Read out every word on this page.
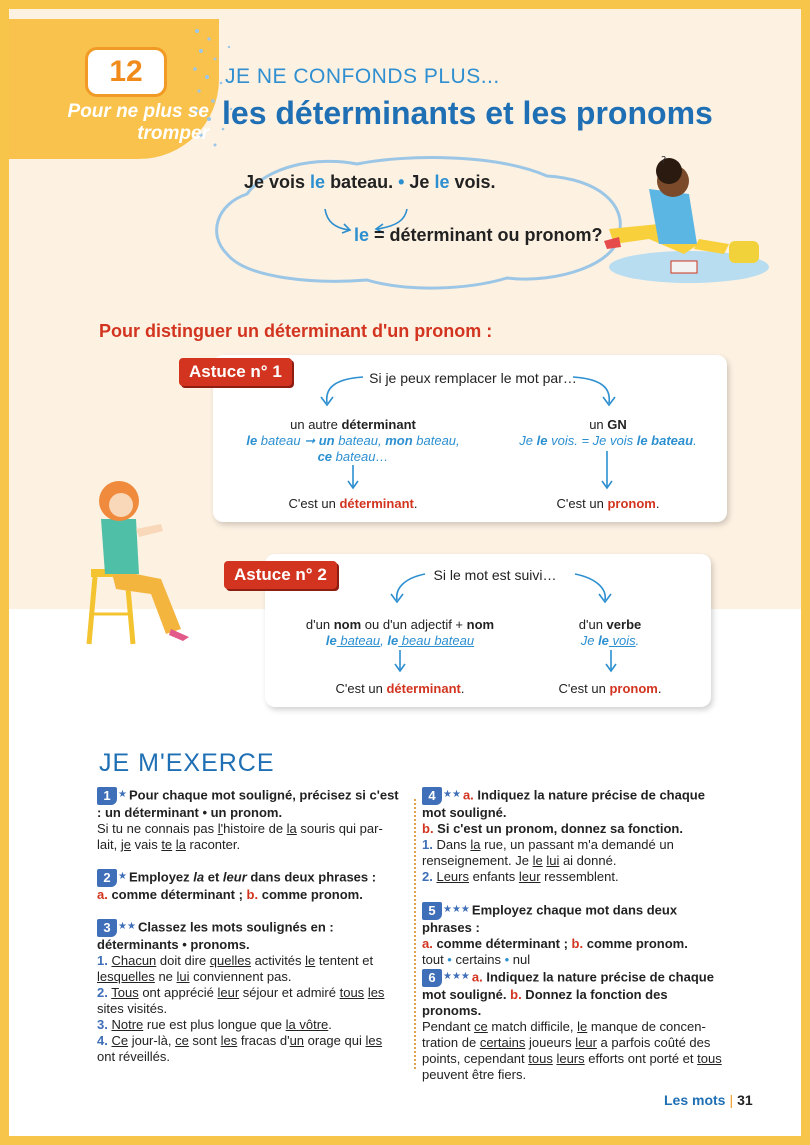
12
Pour ne plus se tromper
JE NE CONFONDS PLUS...
les déterminants et les pronoms
Je vois le bateau. • Je le vois.
le = déterminant ou pronom?
?
Pour distinguer un déterminant d'un pronom :
Si je peux remplacer le mot par…
un autre déterminant
le bateau ➞ un bateau, mon bateau,
ce bateau…
C'est un déterminant.
un GN
Je le vois. = Je vois le bateau.
C'est un pronom.
Astuce n° 1
Si le mot est suivi…
d'un nom ou d'un adjectif + nom
le bateau, le beau bateau
C'est un déterminant.
d'un verbe
Je le vois.
C'est un pronom.
Astuce n° 2
JE M'EXERCE
1 ★ Pour chaque mot souligné, précisez si c'est : un déterminant • un pronom.
Si tu ne connais pas l'histoire de la souris qui par-lait, je vais te la raconter.
2 ★ Employez la et leur dans deux phrases :
a. comme déterminant ; b. comme pronom.
3 ★★ Classez les mots soulignés en : déterminants • pronoms.
1. Chacun doit dire quelles activités le tentent et lesquelles ne lui conviennent pas.
2. Tous ont apprécié leur séjour et admiré tous les sites visités.
3. Notre rue est plus longue que la vôtre.
4. Ce jour-là, ce sont les fracas d'un orage qui les ont réveillés.
4 ★★ a. Indiquez la nature précise de chaque mot souligné.
b. Si c'est un pronom, donnez sa fonction.
1. Dans la rue, un passant m'a demandé un renseignement. Je le lui ai donné.
2. Leurs enfants leur ressemblent.
5 ★★★ Employez chaque mot dans deux phrases :
a. comme déterminant ; b. comme pronom.
tout • certains • nul
6 ★★★ a. Indiquez la nature précise de chaque mot souligné. b. Donnez la fonction des pronoms.
Pendant ce match difficile, le manque de concen-tration de certains joueurs leur a parfois coûté des points, cependant tous leurs efforts ont porté et tous peuvent être fiers.
Les mots | 31
